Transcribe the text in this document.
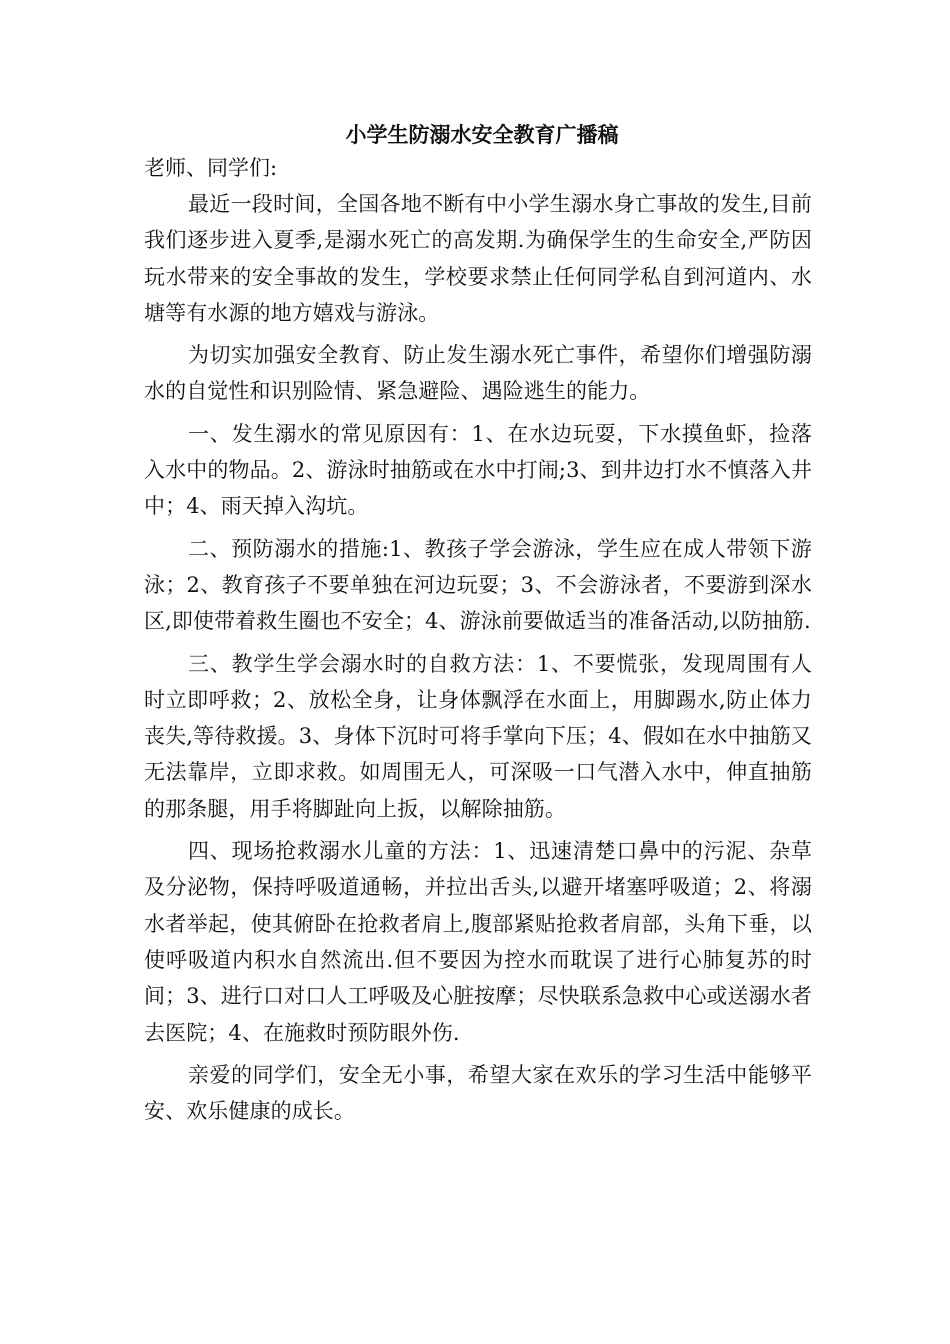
小学生防溺水安全教育广播稿

老师、同学们:

最近一段时间，全国各地不断有中小学生溺水身亡事故的发生,目前我们逐步进入夏季,是溺水死亡的高发期.为确保学生的生命安全,严防因玩水带来的安全事故的发生，学校要求禁止任何同学私自到河道内、水塘等有水源的地方嬉戏与游泳。

为切实加强安全教育、防止发生溺水死亡事件，希望你们增强防溺水的自觉性和识别险情、紧急避险、遇险逃生的能力。

一、发生溺水的常见原因有：1、在水边玩耍，下水摸鱼虾，捡落入水中的物品。2、游泳时抽筋或在水中打闹;3、到井边打水不慎落入井中；4、雨天掉入沟坑。

二、预防溺水的措施:1、教孩子学会游泳，学生应在成人带领下游泳；2、教育孩子不要单独在河边玩耍；3、不会游泳者，不要游到深水区,即使带着救生圈也不安全；4、游泳前要做适当的准备活动,以防抽筋.

三、教学生学会溺水时的自救方法：1、不要慌张，发现周围有人时立即呼救；2、放松全身，让身体飘浮在水面上，用脚踢水,防止体力丧失,等待救援。3、身体下沉时可将手掌向下压；4、假如在水中抽筋又无法靠岸，立即求救。如周围无人，可深吸一口气潜入水中，伸直抽筋的那条腿，用手将脚趾向上扳，以解除抽筋。

四、现场抢救溺水儿童的方法：1、迅速清楚口鼻中的污泥、杂草及分泌物，保持呼吸道通畅，并拉出舌头,以避开堵塞呼吸道；2、将溺水者举起，使其俯卧在抢救者肩上,腹部紧贴抢救者肩部，头角下垂，以使呼吸道内积水自然流出.但不要因为控水而耽误了进行心肺复苏的时间；3、进行口对口人工呼吸及心脏按摩；尽快联系急救中心或送溺水者去医院；4、在施救时预防眼外伤.

亲爱的同学们，安全无小事，希望大家在欢乐的学习生活中能够平安、欢乐健康的成长。
